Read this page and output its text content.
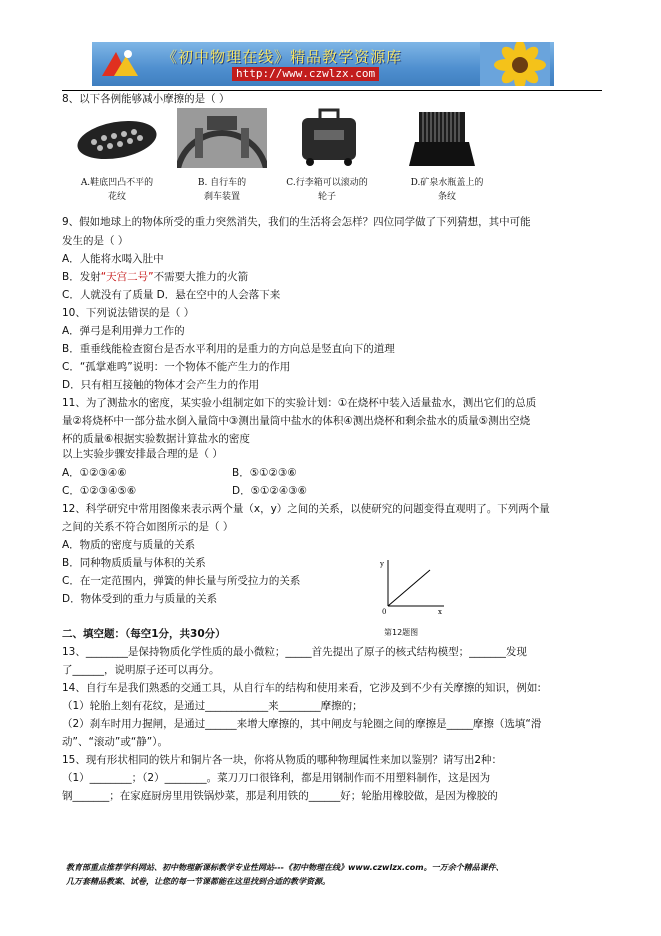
《初中物理在线》精品教学资源库
http://www.czwlzx.com
8、以下各例能够减小摩擦的是（ ）
A.鞋底凹凸不平的
花纹
B. 自行车的
刹车装置
C.行李箱可以滚动的
轮子
D.矿泉水瓶盖上的
条纹
9、假如地球上的物体所受的重力突然消失，我们的生活将会怎样？四位同学做了下列猜想，其中可能
发生的是（ ）
A．人能将水喝入肚中
B．发射“天宫二号”不需要大推力的火箭
C．人就没有了质量 D．悬在空中的人会落下来
10、下列说法错误的是（ ）
A．弹弓是利用弹力工作的
B．重垂线能检查窗台是否水平利用的是重力的方向总是竖直向下的道理
C．“孤掌难鸣”说明：一个物体不能产生力的作用
D．只有相互接触的物体才会产生力的作用
11、为了测盐水的密度，某实验小组制定如下的实验计划：①在烧杯中装入适量盐水，测出它们的总质
量②将烧杯中一部分盐水倒入量筒中③测出量筒中盐水的体积④测出烧杯和剩余盐水的质量⑤测出空烧
杯的质量⑥根据实验数据计算盐水的密度
以上实验步骤安排最合理的是（ ）
A．①②③④⑥	B．⑤①②③⑥
C．①②③④⑤⑥	D．⑤①②④③⑥
12、科学研究中常用图像来表示两个量（x，y）之间的关系，以使研究的问题变得直观明了。下列两个量
之间的关系不符合如图所示的是（ ）
A．物质的密度与质量的关系
B．同种物质质量与体积的关系
C．在一定范围内，弹簧的伸长量与所受拉力的关系
D．物体受到的重力与质量的关系
y
x
0
第12题图
二、填空题：（每空1分，共30分）
13、________是保持物质化学性质的最小微粒；_____首先提出了原子的核式结构模型；_______发现
了______，说明原子还可以再分。
14、自行车是我们熟悉的交通工具，从自行车的结构和使用来看，它涉及到不少有关摩擦的知识，例如:
（1）轮胎上刻有花纹，是通过____________来________摩擦的；
（2）刹车时用力握闸，是通过______来增大摩擦的，其中闸皮与轮圈之间的摩擦是_____摩擦（选填“滑
动”、“滚动”或“静”）。
15、现有形状相同的铁片和铜片各一块，你将从物质的哪种物理属性来加以鉴别？请写出2种：
（1）________；（2）________。菜刀刀口很锋利，都是用钢制作而不用塑料制作，这是因为
钢_______；在家庭厨房里用铁锅炒菜，那是利用铁的______好；轮胎用橡胶做，是因为橡胶的
教育部重点推荐学科网站、初中物理新课标教学专业性网站---《初中物理在线》www.czwlzx.com。一万余个精品课件、
几万套精品教案、试卷，让您的每一节课都能在这里找到合适的教学资源。
